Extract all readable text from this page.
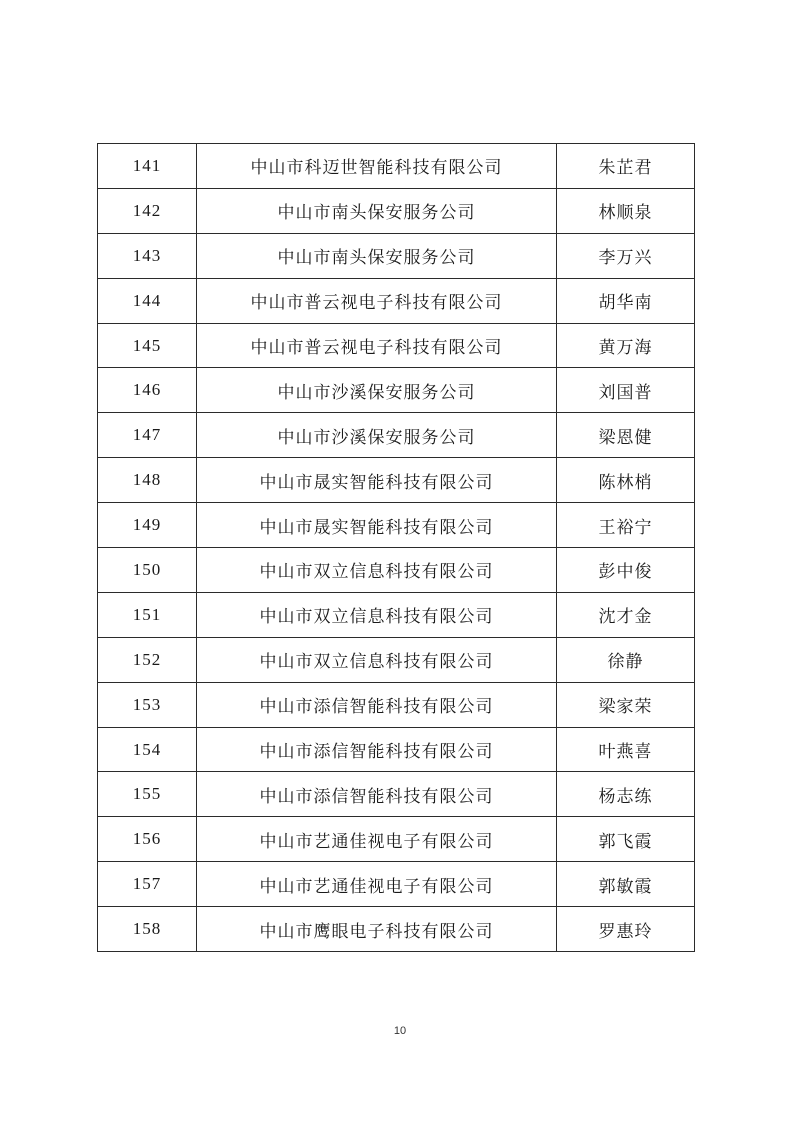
141	中山市科迈世智能科技有限公司	朱芷君
142	中山市南头保安服务公司	林顺泉
143	中山市南头保安服务公司	李万兴
144	中山市普云视电子科技有限公司	胡华南
145	中山市普云视电子科技有限公司	黄万海
146	中山市沙溪保安服务公司	刘国普
147	中山市沙溪保安服务公司	梁恩健
148	中山市晟实智能科技有限公司	陈林梢
149	中山市晟实智能科技有限公司	王裕宁
150	中山市双立信息科技有限公司	彭中俊
151	中山市双立信息科技有限公司	沈才金
152	中山市双立信息科技有限公司	徐静
153	中山市添信智能科技有限公司	梁家荣
154	中山市添信智能科技有限公司	叶燕喜
155	中山市添信智能科技有限公司	杨志练
156	中山市艺通佳视电子有限公司	郭飞霞
157	中山市艺通佳视电子有限公司	郭敏霞
158	中山市鹰眼电子科技有限公司	罗惠玲
10
